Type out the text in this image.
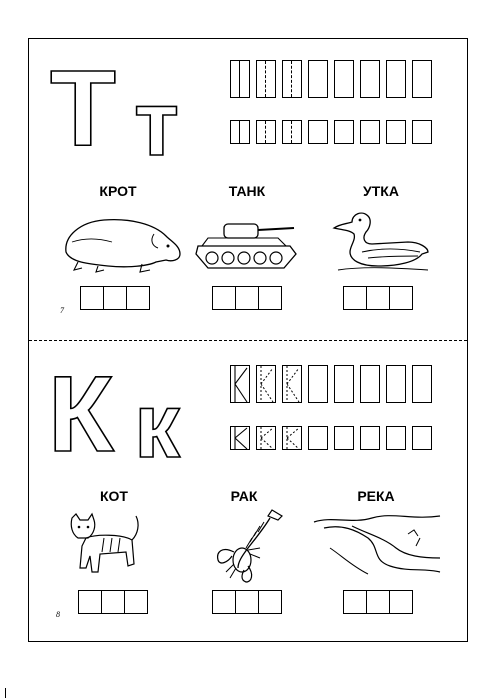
Т т
КРОТ	ТАНК	УТКА
7
К к
КОТ	РАК	РЕКА
8
